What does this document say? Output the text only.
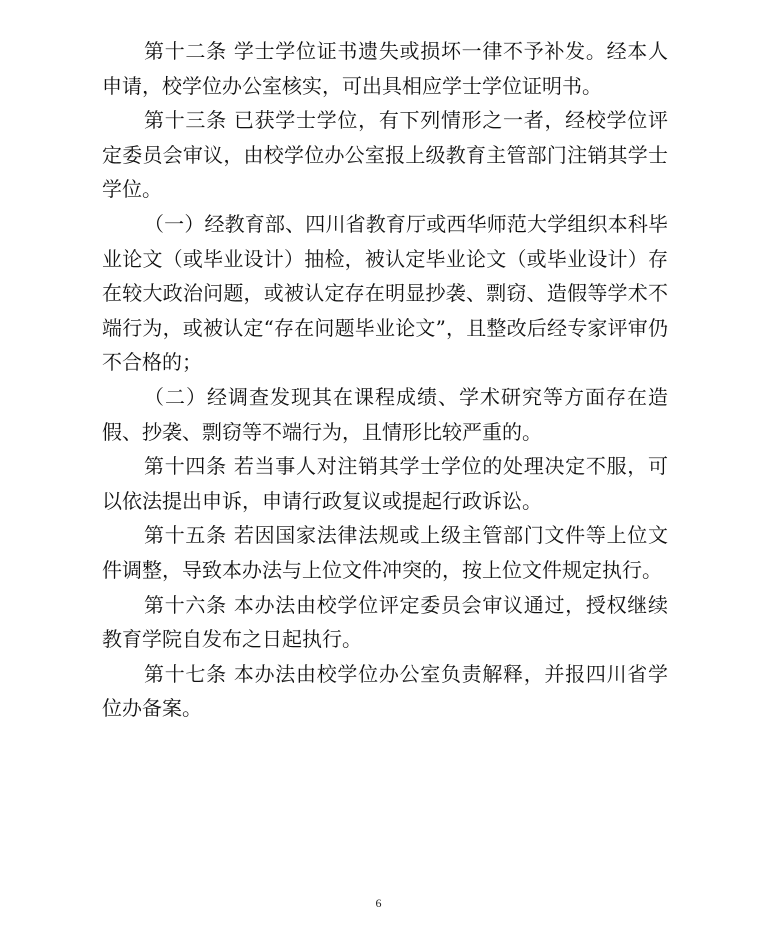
第十二条 学士学位证书遗失或损坏一律不予补发。经本人申请，校学位办公室核实，可出具相应学士学位证明书。

第十三条 已获学士学位，有下列情形之一者，经校学位评定委员会审议，由校学位办公室报上级教育主管部门注销其学士学位。

（一）经教育部、四川省教育厅或西华师范大学组织本科毕业论文（或毕业设计）抽检，被认定毕业论文（或毕业设计）存在较大政治问题，或被认定存在明显抄袭、剽窃、造假等学术不端行为，或被认定“存在问题毕业论文”，且整改后经专家评审仍不合格的；

（二）经调查发现其在课程成绩、学术研究等方面存在造假、抄袭、剽窃等不端行为，且情形比较严重的。

第十四条 若当事人对注销其学士学位的处理决定不服，可以依法提出申诉，申请行政复议或提起行政诉讼。

第十五条 若因国家法律法规或上级主管部门文件等上位文件调整，导致本办法与上位文件冲突的，按上位文件规定执行。

第十六条 本办法由校学位评定委员会审议通过，授权继续教育学院自发布之日起执行。

第十七条 本办法由校学位办公室负责解释，并报四川省学位办备案。

6
